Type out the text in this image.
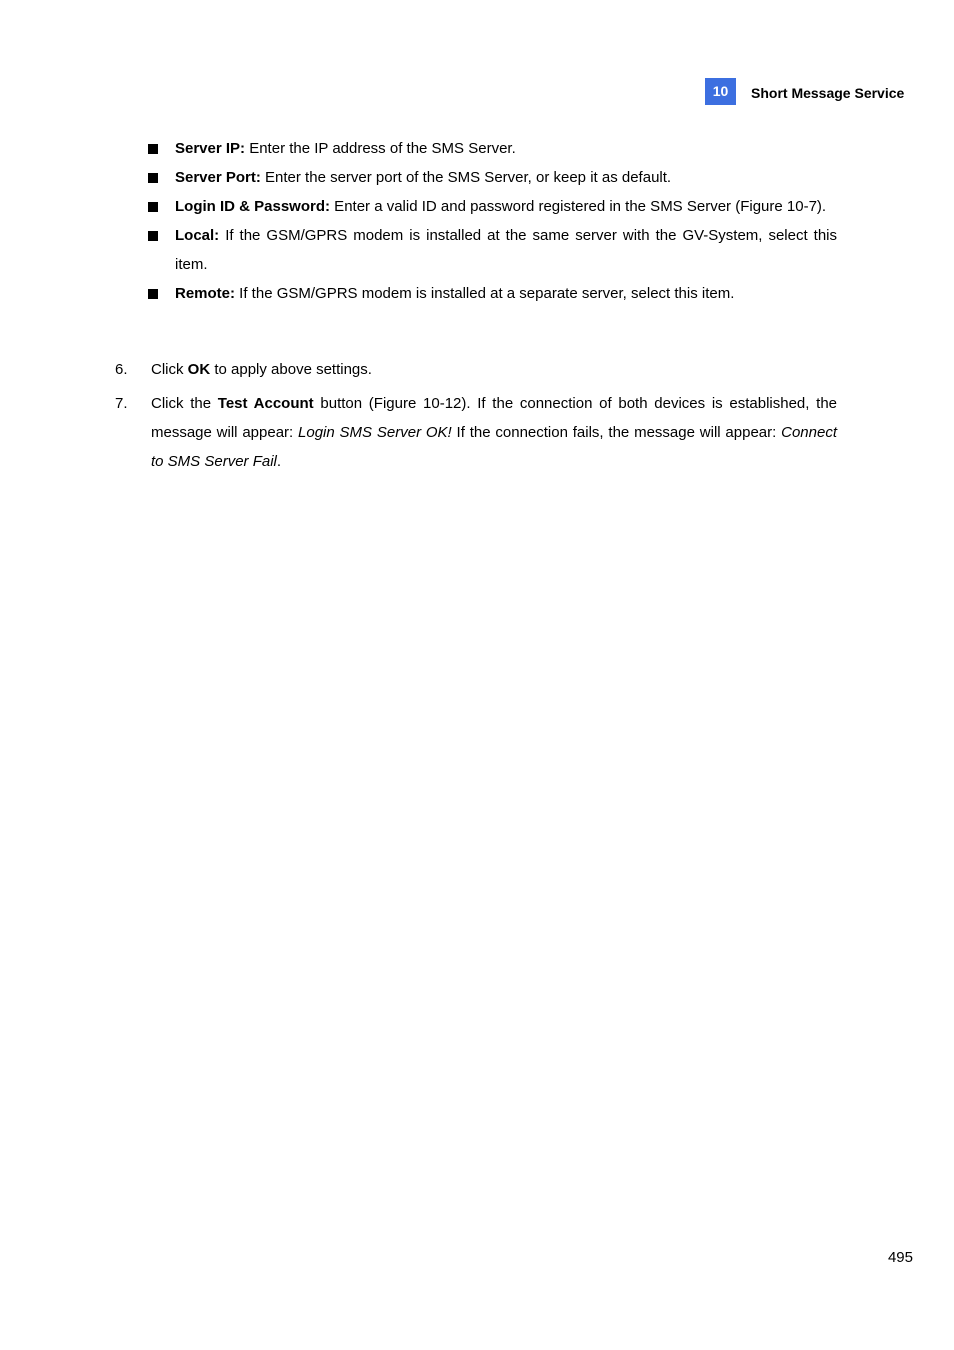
10	Short Message Service

Server IP: Enter the IP address of the SMS Server.

Server Port: Enter the server port of the SMS Server, or keep it as default.

Login ID & Password: Enter a valid ID and password registered in the SMS Server (Figure 10-7).

Local: If the GSM/GPRS modem is installed at the same server with the GV-System, select this item.

Remote: If the GSM/GPRS modem is installed at a separate server, select this item.

6. Click OK to apply above settings.

7. Click the Test Account button (Figure 10-12). If the connection of both devices is established, the message will appear: Login SMS Server OK! If the connection fails, the message will appear: Connect to SMS Server Fail.

495
